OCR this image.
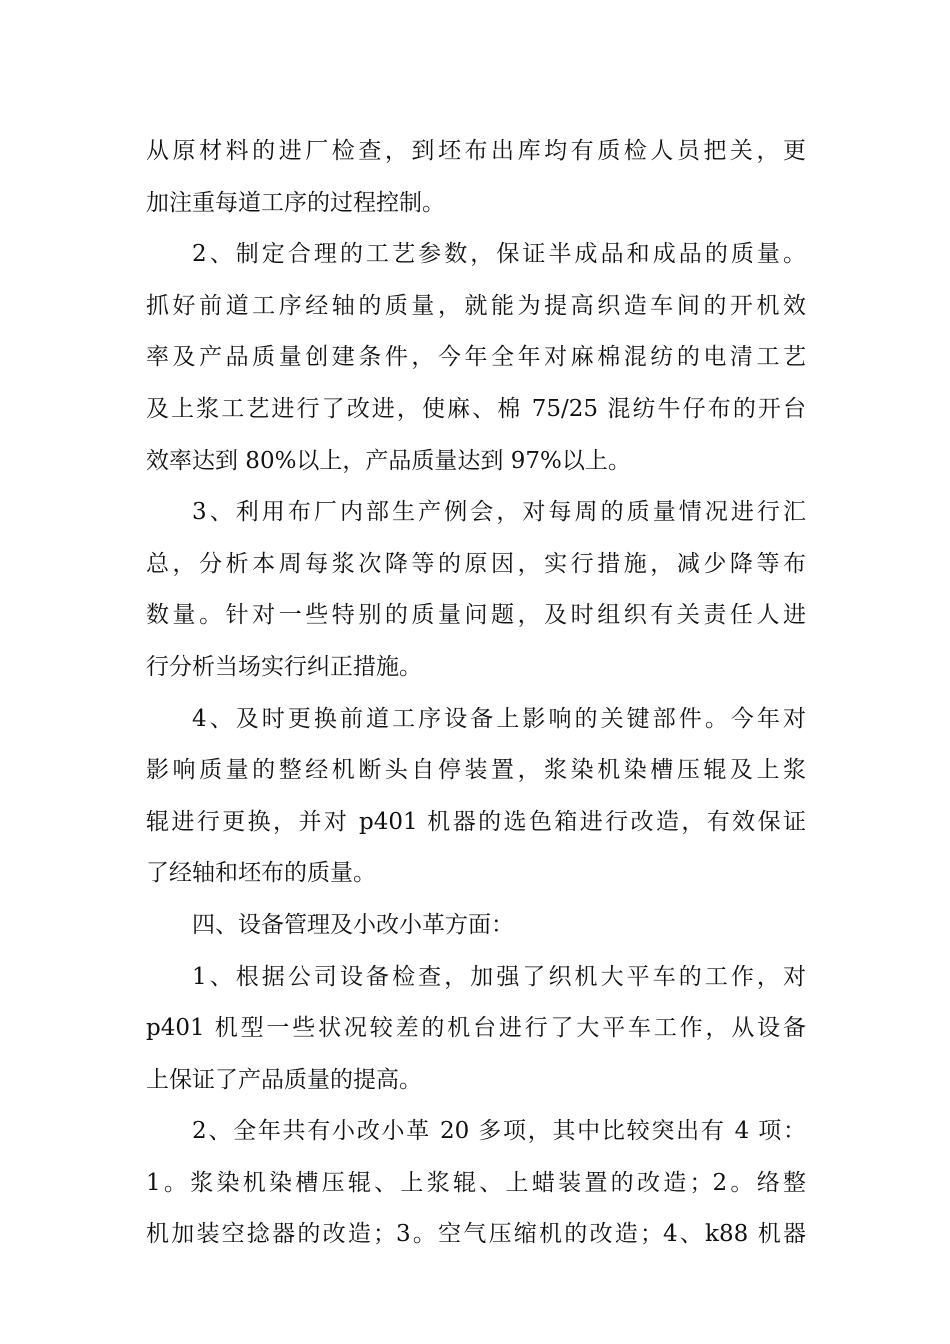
从原材料的进厂检查，到坯布出库均有质检人员把关，更
加注重每道工序的过程控制。
2、制定合理的工艺参数，保证半成品和成品的质量。
抓好前道工序经轴的质量，就能为提高织造车间的开机效
率及产品质量创建条件，今年全年对麻棉混纺的电清工艺
及上浆工艺进行了改进，使麻、棉 75/25 混纺牛仔布的开台
效率达到 80%以上，产品质量达到 97%以上。
3、利用布厂内部生产例会，对每周的质量情况进行汇
总，分析本周每浆次降等的原因，实行措施，减少降等布
数量。针对一些特别的质量问题，及时组织有关责任人进
行分析当场实行纠正措施。
4、及时更换前道工序设备上影响的关键部件。今年对
影响质量的整经机断头自停装置，浆染机染槽压辊及上浆
辊进行更换，并对 p401 机器的选色箱进行改造，有效保证
了经轴和坯布的质量。
四、设备管理及小改小革方面：
1、根据公司设备检查，加强了织机大平车的工作，对
p401 机型一些状况较差的机台进行了大平车工作，从设备
上保证了产品质量的提高。
2、全年共有小改小革 20 多项，其中比较突出有 4 项：
1。浆染机染槽压辊、上浆辊、上蜡装置的改造；2。络整
机加装空捻器的改造；3。空气压缩机的改造；4、k88 机器
